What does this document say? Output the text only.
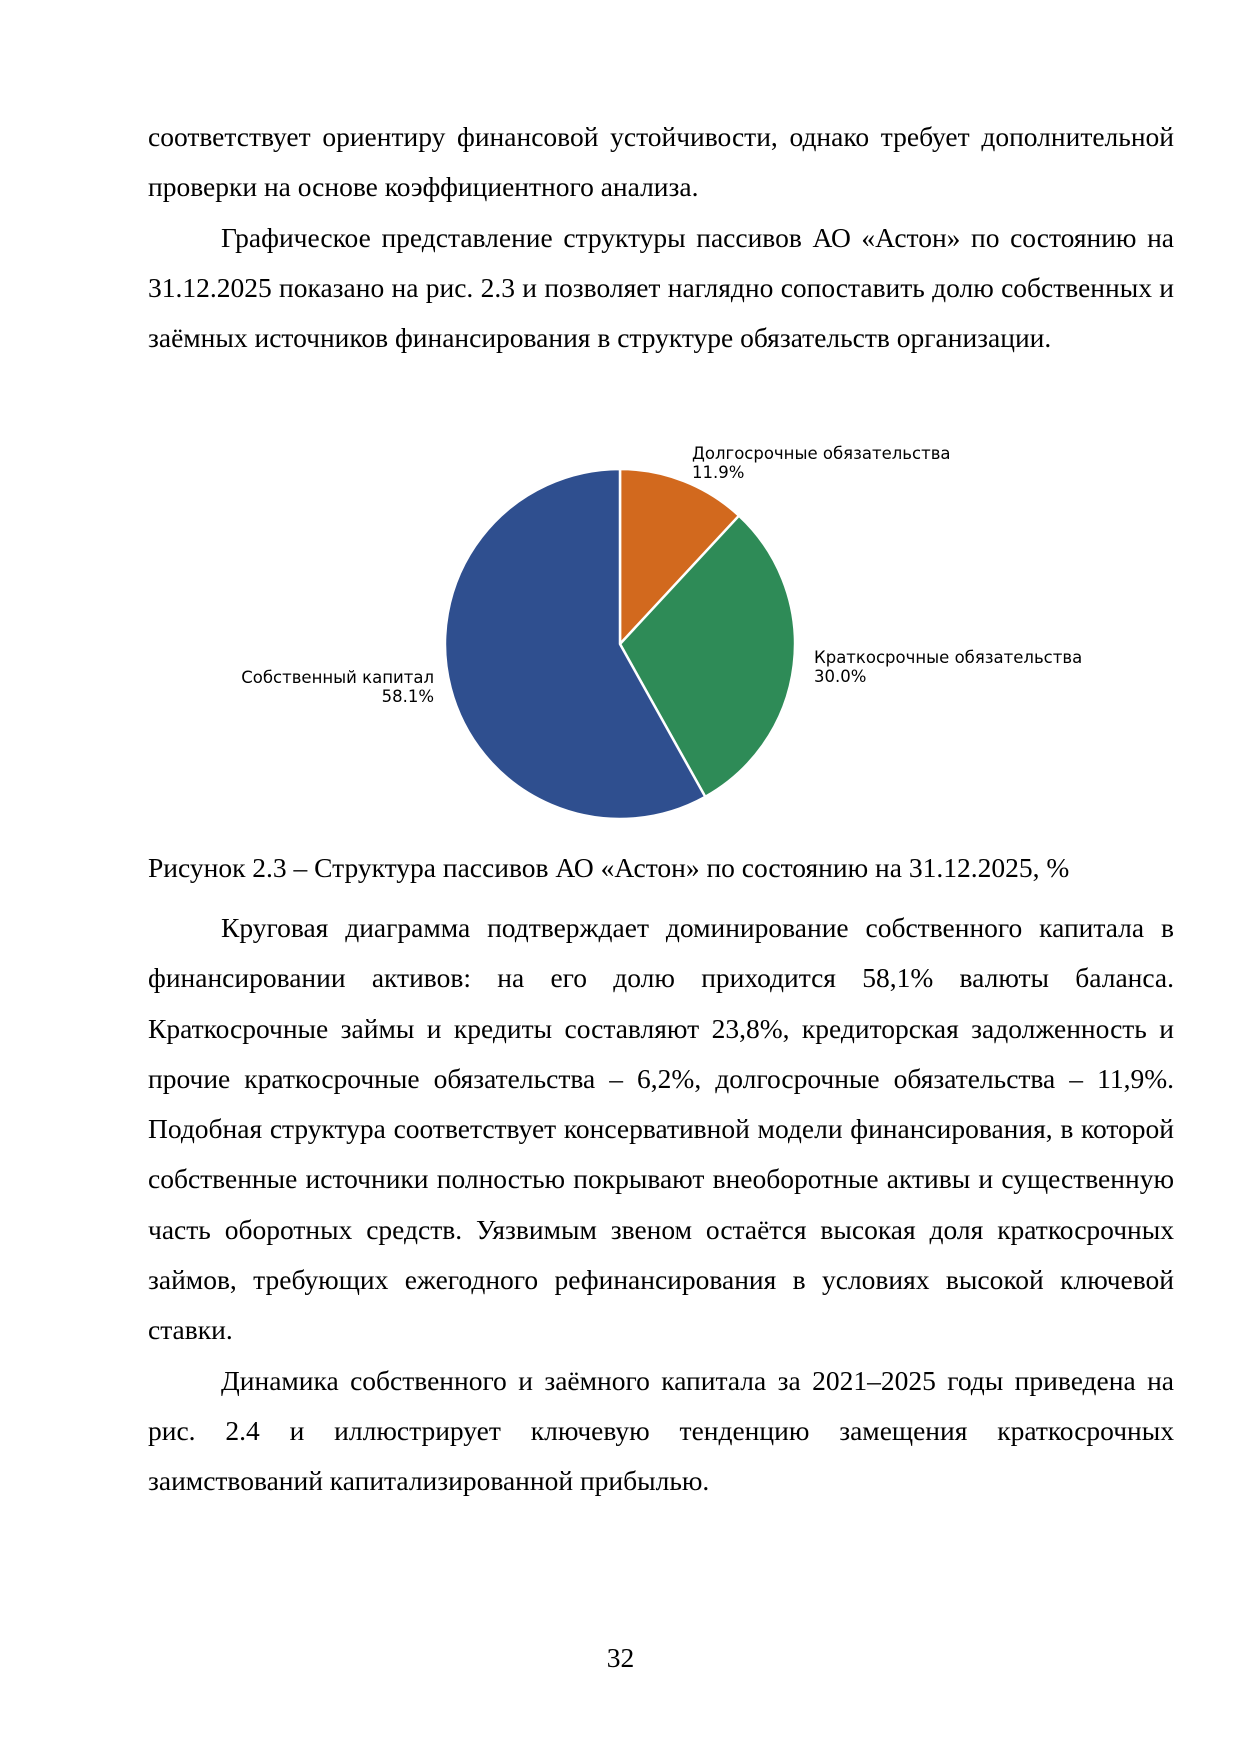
соответствует ориентиру финансовой устойчивости, однако требует дополнительной проверки на основе коэффициентного анализа.

Графическое представление структуры пассивов АО «Астон» по состоянию на 31.12.2025 показано на рис. 2.3 и позволяет наглядно сопоставить долю собственных и заёмных источников финансирования в структуре обязательств организации.

Долгосрочные обязательства
11.9%
Краткосрочные обязательства
30.0%
Собственный капитал
58.1%
Рисунок 2.3 – Структура пассивов АО «Астон» по состоянию на 31.12.2025, %

Круговая диаграмма подтверждает доминирование собственного капитала в финансировании активов: на его долю приходится 58,1% валюты баланса. Краткосрочные займы и кредиты составляют 23,8%, кредиторская задолженность и прочие краткосрочные обязательства – 6,2%, долгосрочные обязательства – 11,9%. Подобная структура соответствует консервативной модели финансирования, в которой собственные источники полностью покрывают внеоборотные активы и существенную часть оборотных средств. Уязвимым звеном остаётся высокая доля краткосрочных займов, требующих ежегодного рефинансирования в условиях высокой ключевой ставки.

Динамика собственного и заёмного капитала за 2021–2025 годы приведена на рис. 2.4 и иллюстрирует ключевую тенденцию замещения краткосрочных заимствований капитализированной прибылью.

32
